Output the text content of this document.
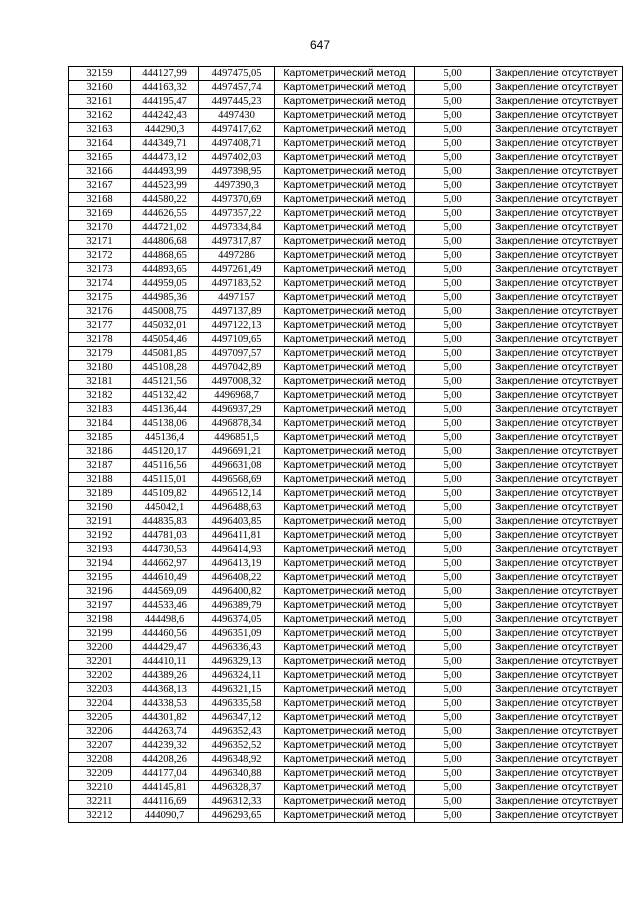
647
32159	444127,99	4497475,05	Картометрический метод	5,00	Закрепление отсутствует
32160	444163,32	4497457,74	Картометрический метод	5,00	Закрепление отсутствует
32161	444195,47	4497445,23	Картометрический метод	5,00	Закрепление отсутствует
32162	444242,43	4497430	Картометрический метод	5,00	Закрепление отсутствует
32163	444290,3	4497417,62	Картометрический метод	5,00	Закрепление отсутствует
32164	444349,71	4497408,71	Картометрический метод	5,00	Закрепление отсутствует
32165	444473,12	4497402,03	Картометрический метод	5,00	Закрепление отсутствует
32166	444493,99	4497398,95	Картометрический метод	5,00	Закрепление отсутствует
32167	444523,99	4497390,3	Картометрический метод	5,00	Закрепление отсутствует
32168	444580,22	4497370,69	Картометрический метод	5,00	Закрепление отсутствует
32169	444626,55	4497357,22	Картометрический метод	5,00	Закрепление отсутствует
32170	444721,02	4497334,84	Картометрический метод	5,00	Закрепление отсутствует
32171	444806,68	4497317,87	Картометрический метод	5,00	Закрепление отсутствует
32172	444868,65	4497286	Картометрический метод	5,00	Закрепление отсутствует
32173	444893,65	4497261,49	Картометрический метод	5,00	Закрепление отсутствует
32174	444959,05	4497183,52	Картометрический метод	5,00	Закрепление отсутствует
32175	444985,36	4497157	Картометрический метод	5,00	Закрепление отсутствует
32176	445008,75	4497137,89	Картометрический метод	5,00	Закрепление отсутствует
32177	445032,01	4497122,13	Картометрический метод	5,00	Закрепление отсутствует
32178	445054,46	4497109,65	Картометрический метод	5,00	Закрепление отсутствует
32179	445081,85	4497097,57	Картометрический метод	5,00	Закрепление отсутствует
32180	445108,28	4497042,89	Картометрический метод	5,00	Закрепление отсутствует
32181	445121,56	4497008,32	Картометрический метод	5,00	Закрепление отсутствует
32182	445132,42	4496968,7	Картометрический метод	5,00	Закрепление отсутствует
32183	445136,44	4496937,29	Картометрический метод	5,00	Закрепление отсутствует
32184	445138,06	4496878,34	Картометрический метод	5,00	Закрепление отсутствует
32185	445136,4	4496851,5	Картометрический метод	5,00	Закрепление отсутствует
32186	445120,17	4496691,21	Картометрический метод	5,00	Закрепление отсутствует
32187	445116,56	4496631,08	Картометрический метод	5,00	Закрепление отсутствует
32188	445115,01	4496568,69	Картометрический метод	5,00	Закрепление отсутствует
32189	445109,82	4496512,14	Картометрический метод	5,00	Закрепление отсутствует
32190	445042,1	4496488,63	Картометрический метод	5,00	Закрепление отсутствует
32191	444835,83	4496403,85	Картометрический метод	5,00	Закрепление отсутствует
32192	444781,03	4496411,81	Картометрический метод	5,00	Закрепление отсутствует
32193	444730,53	4496414,93	Картометрический метод	5,00	Закрепление отсутствует
32194	444662,97	4496413,19	Картометрический метод	5,00	Закрепление отсутствует
32195	444610,49	4496408,22	Картометрический метод	5,00	Закрепление отсутствует
32196	444569,09	4496400,82	Картометрический метод	5,00	Закрепление отсутствует
32197	444533,46	4496389,79	Картометрический метод	5,00	Закрепление отсутствует
32198	444498,6	4496374,05	Картометрический метод	5,00	Закрепление отсутствует
32199	444460,56	4496351,09	Картометрический метод	5,00	Закрепление отсутствует
32200	444429,47	4496336,43	Картометрический метод	5,00	Закрепление отсутствует
32201	444410,11	4496329,13	Картометрический метод	5,00	Закрепление отсутствует
32202	444389,26	4496324,11	Картометрический метод	5,00	Закрепление отсутствует
32203	444368,13	4496321,15	Картометрический метод	5,00	Закрепление отсутствует
32204	444338,53	4496335,58	Картометрический метод	5,00	Закрепление отсутствует
32205	444301,82	4496347,12	Картометрический метод	5,00	Закрепление отсутствует
32206	444263,74	4496352,43	Картометрический метод	5,00	Закрепление отсутствует
32207	444239,32	4496352,52	Картометрический метод	5,00	Закрепление отсутствует
32208	444208,26	4496348,92	Картометрический метод	5,00	Закрепление отсутствует
32209	444177,04	4496340,88	Картометрический метод	5,00	Закрепление отсутствует
32210	444145,81	4496328,37	Картометрический метод	5,00	Закрепление отсутствует
32211	444116,69	4496312,33	Картометрический метод	5,00	Закрепление отсутствует
32212	444090,7	4496293,65	Картометрический метод	5,00	Закрепление отсутствует
